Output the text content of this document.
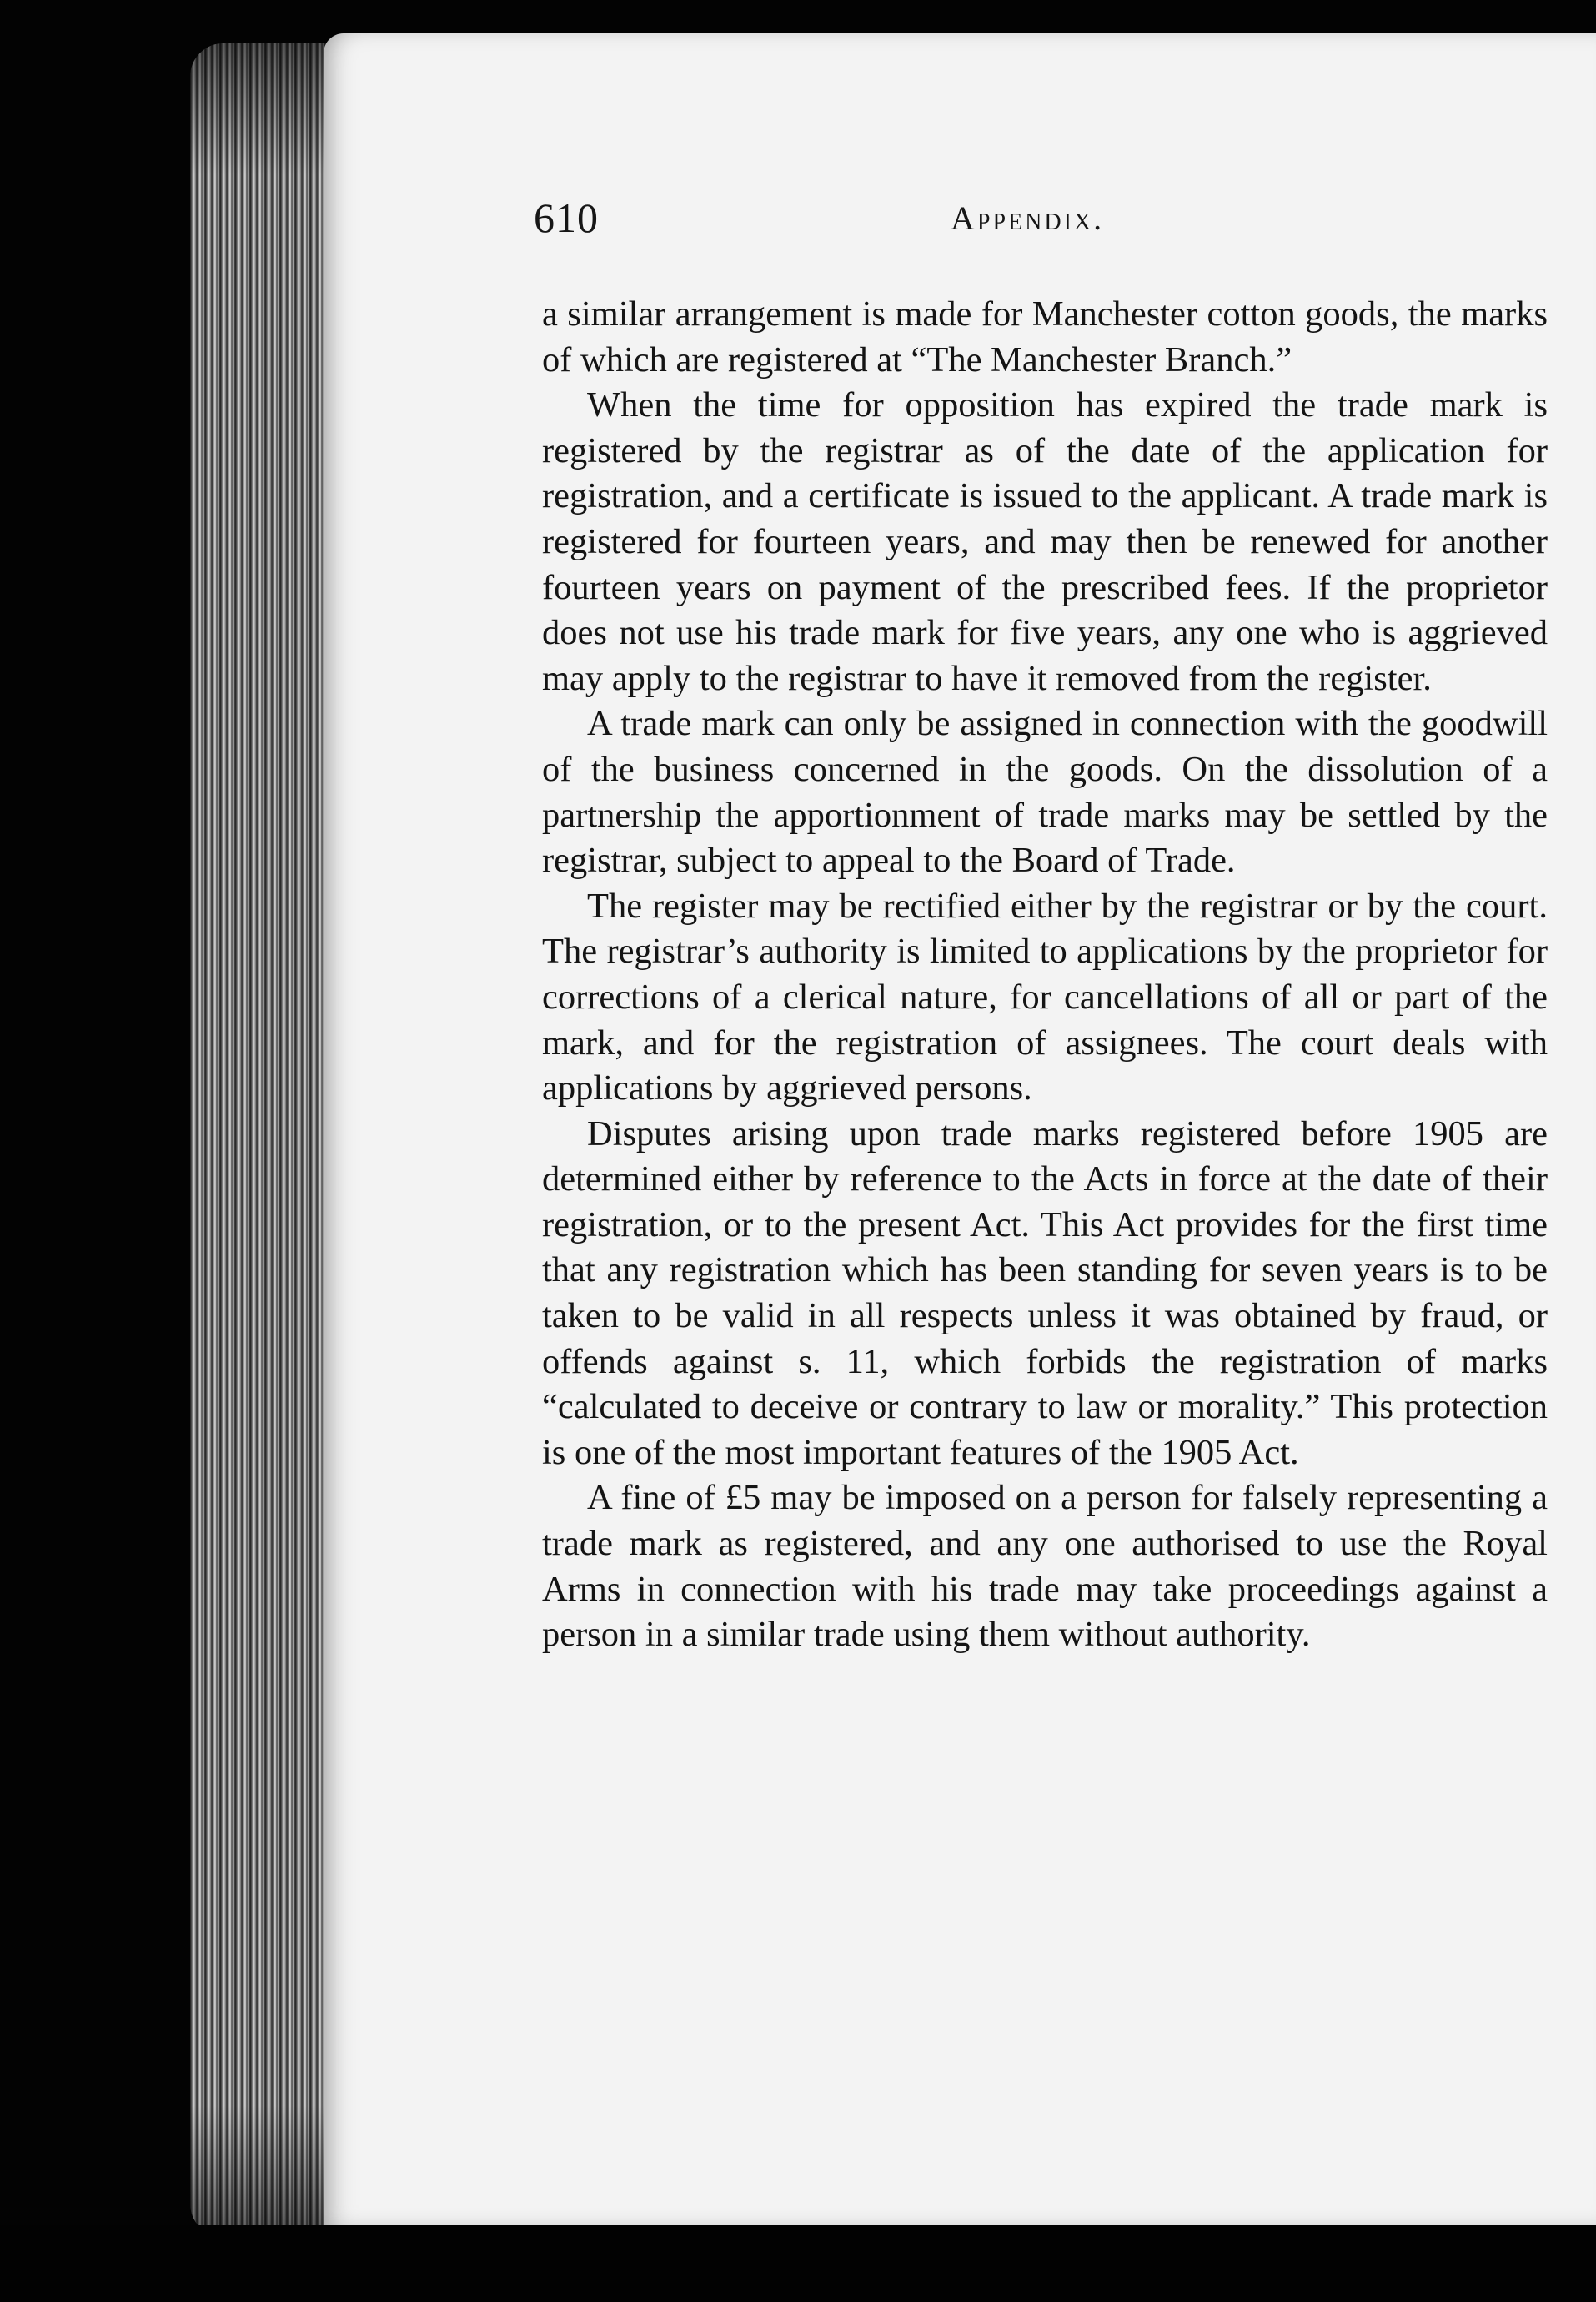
610	Appendix.

a similar arrangement is made for Manchester cotton goods, the marks of which are registered at “The Manchester Branch.”

When the time for opposition has expired the trade mark is registered by the registrar as of the date of the application for registration, and a certificate is issued to the applicant. A trade mark is registered for fourteen years, and may then be renewed for another fourteen years on payment of the prescribed fees. If the proprietor does not use his trade mark for five years, any one who is aggrieved may apply to the registrar to have it removed from the register.

A trade mark can only be assigned in connection with the goodwill of the business concerned in the goods. On the dissolution of a partnership the apportionment of trade marks may be settled by the registrar, subject to appeal to the Board of Trade.

The register may be rectified either by the registrar or by the court. The registrar’s authority is limited to applications by the proprietor for corrections of a clerical nature, for cancellations of all or part of the mark, and for the registration of assignees. The court deals with applications by aggrieved persons.

Disputes arising upon trade marks registered before 1905 are determined either by reference to the Acts in force at the date of their registration, or to the present Act. This Act provides for the first time that any registration which has been standing for seven years is to be taken to be valid in all respects unless it was obtained by fraud, or offends against s. 11, which forbids the registration of marks “calculated to deceive or contrary to law or morality.” This protection is one of the most important features of the 1905 Act.

A fine of £5 may be imposed on a person for falsely representing a trade mark as registered, and any one authorised to use the Royal Arms in connection with his trade may take proceedings against a person in a similar trade using them without authority.
